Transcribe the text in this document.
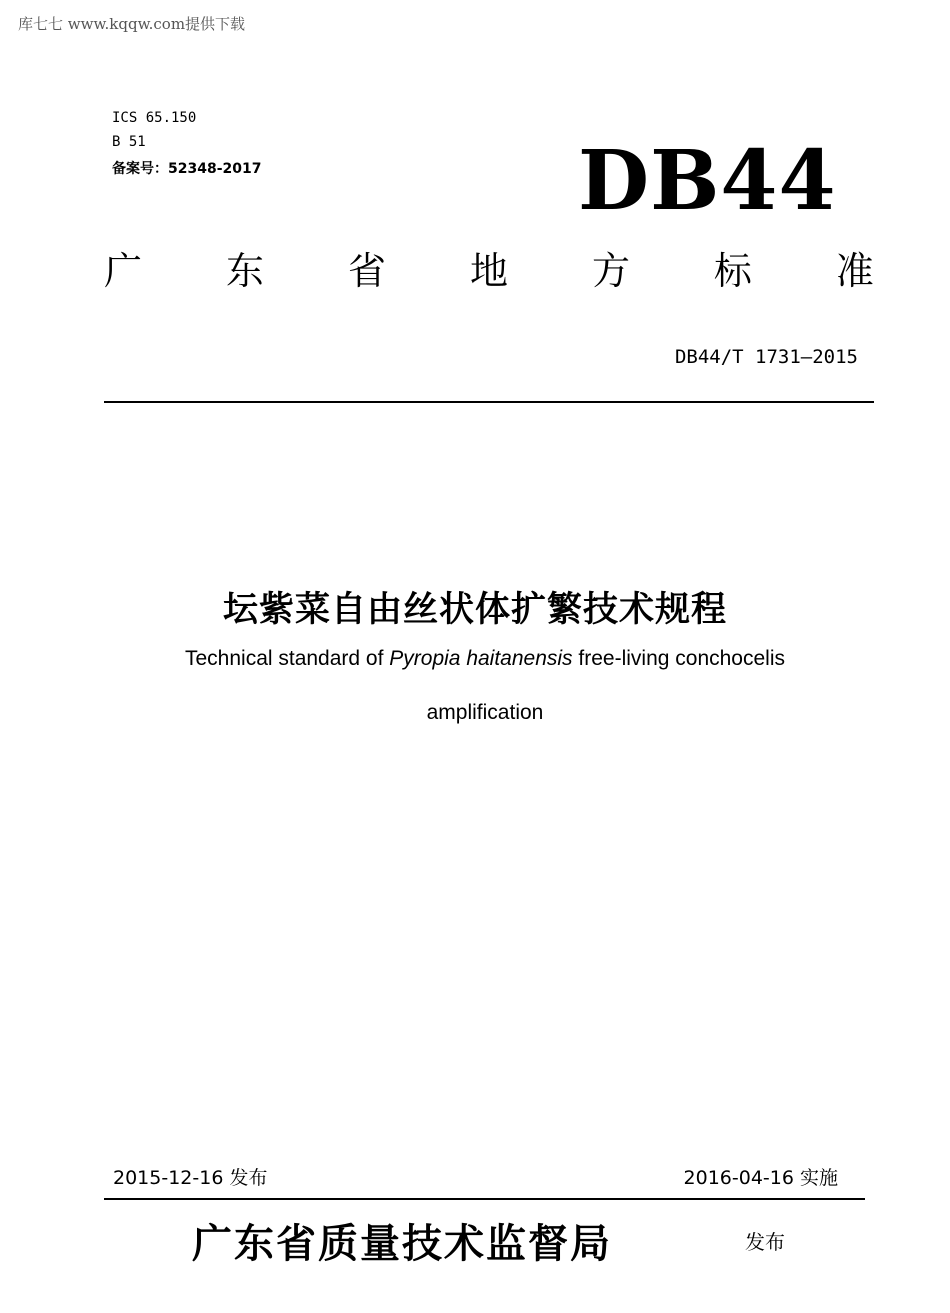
库七七 www.kqqw.com提供下载
ICS 65.150
B 51
备案号：52348-2017	DB44
广 东 省 地 方 标 准
DB44/T 1731—2015
坛紫菜自由丝状体扩繁技术规程
Technical standard of Pyropia haitanensis free-living conchocelis
amplification
2015-12-16 发布	2016-04-16 实施
广东省质量技术监督局	发布
